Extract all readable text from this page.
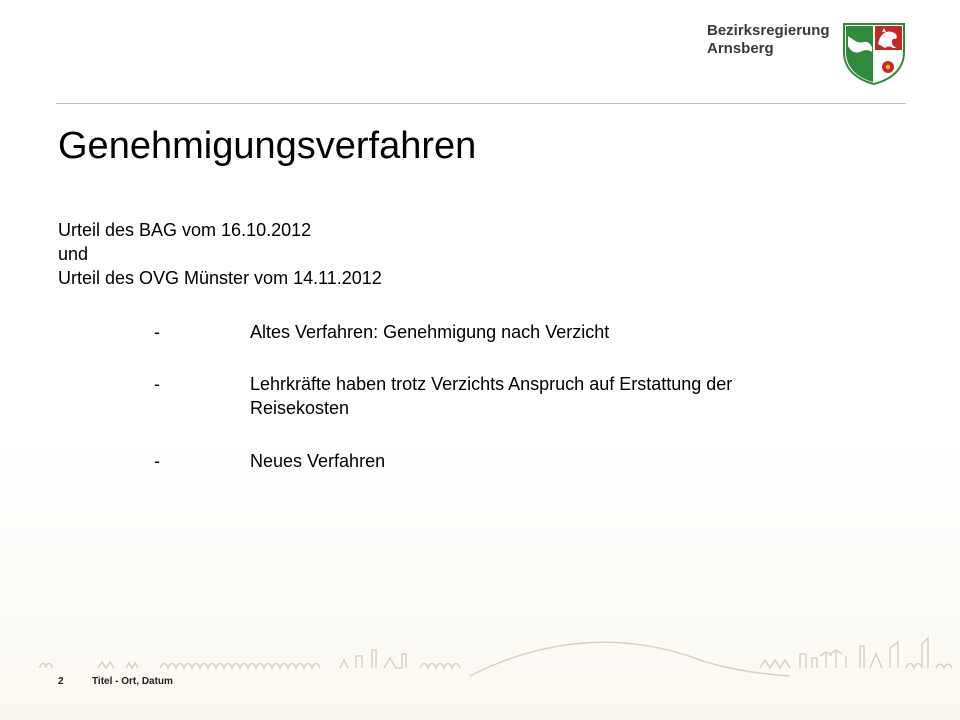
Bezirksregierung
Arnsberg
Genehmigungsverfahren
Urteil des BAG vom 16.10.2012
und
Urteil des OVG Münster vom 14.11.2012
-	Altes Verfahren: Genehmigung nach Verzicht
-	Lehrkräfte haben trotz Verzichts Anspruch auf Erstattung der
Reisekosten
-	Neues Verfahren
2	Titel - Ort, Datum
